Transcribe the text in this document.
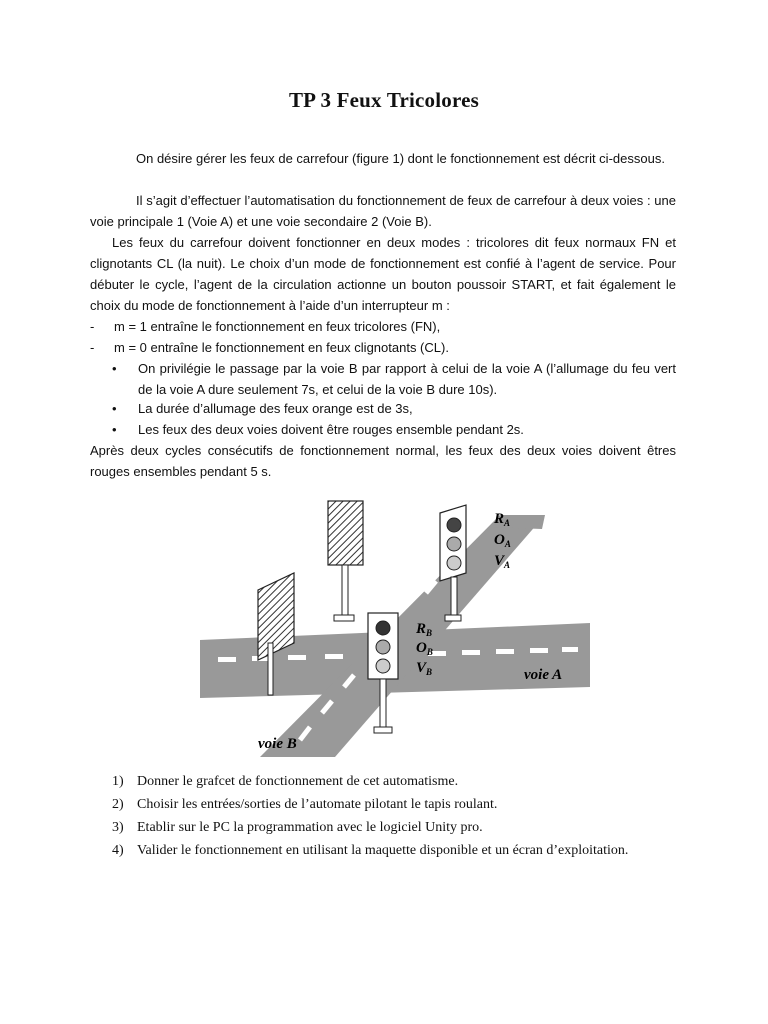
TP 3 Feux Tricolores
On désire gérer les feux de carrefour (figure 1) dont le fonctionnement est décrit ci-dessous.
Il s’agit d’effectuer l’automatisation du fonctionnement de feux de carrefour à deux voies : une voie principale 1 (Voie A) et une voie secondaire 2 (Voie B).
Les feux du carrefour doivent fonctionner en deux modes : tricolores dit feux normaux FN et clignotants CL (la nuit). Le choix d’un mode de fonctionnement est confié à l’agent de service. Pour débuter le cycle, l’agent de la circulation actionne un bouton poussoir START, et fait également le choix du mode de fonctionnement à l’aide d’un interrupteur m :
- m = 1 entraîne le fonctionnement en feux tricolores (FN),
- m = 0 entraîne le fonctionnement en feux clignotants (CL).
• On privilégie le passage par la voie B par rapport à celui de la voie A (l’allumage du feu vert de la voie A dure seulement 7s, et celui de la voie B dure 10s).
• La durée d’allumage des feux orange est de 3s,
• Les feux des deux voies doivent être rouges ensemble pendant 2s.
Après deux cycles consécutifs de fonctionnement normal, les feux des deux voies doivent êtres rouges ensembles pendant 5 s.
$R_A$
$O_A$
$V_A$
$R_B$
$O_B$
$V_B$	voie A
voie B
1) Donner le grafcet de fonctionnement de cet automatisme.
2) Choisir les entrées/sorties de l’automate pilotant le tapis roulant.
3) Etablir sur le PC la programmation avec le logiciel Unity pro.
4) Valider le fonctionnement en utilisant la maquette disponible et un écran d’exploitation.
